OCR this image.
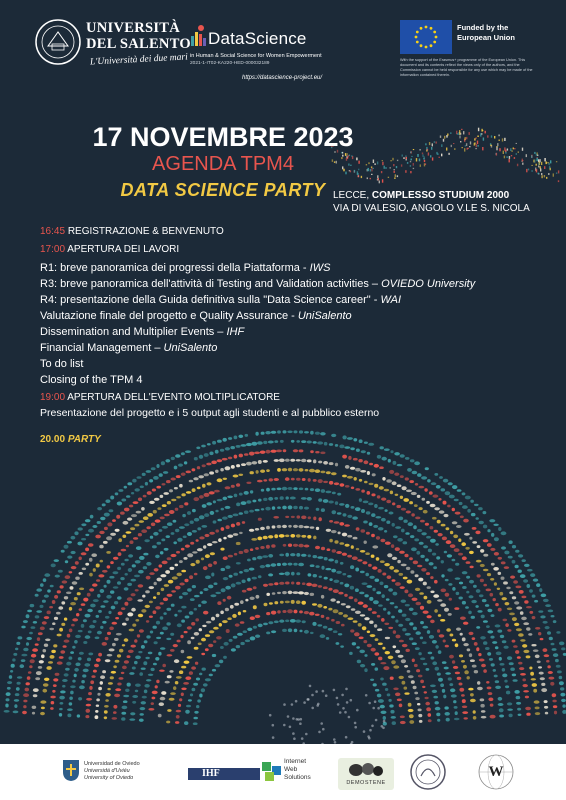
UNIVERSITÀ
DEL SALENTO
L'Università dei due mari
DataScience
in Human & Social Science for Women Empowerment
2021-1-IT02-KA220-HED-000032189
https://datascience-project.eu/
Funded by the European Union
With the support of the Erasmus+ programme of the European Union. This document and its contents reflect the views only of the authors, and the Commission cannot be held responsible for any use which may be made of the information contained therein.
17 NOVEMBRE 2023
AGENDA TPM4
DATA SCIENCE PARTY LECCE, COMPLESSO STUDIUM 2000
VIA DI VALESIO, ANGOLO V.LE S. NICOLA
16:45 REGISTRAZIONE & BENVENUTO
17:00 APERTURA DEI LAVORI
R1: breve panoramica dei progressi della Piattaforma - IWS
R3: breve panoramica dell'attività di Testing and Validation activities – OVIEDO University
R4: presentazione della Guida definitiva sulla "Data Science career" - WAI
Valutazione finale del progetto e Quality Assurance - UniSalento
Dissemination and Multiplier Events – IHF
Financial Management – UniSalento
To do list
Closing of the TPM 4
19:00 APERTURA DELL'EVENTO MOLTIPLICATORE
Presentazione del progetto e i 5 output agli studenti e al pubblico esterno
20.00 PARTY
Universidad de Oviedo
Universidá d'Uviéu
University of Oviedo	IHF
Internet
Web
Solutions
DEMOSTENE
W
